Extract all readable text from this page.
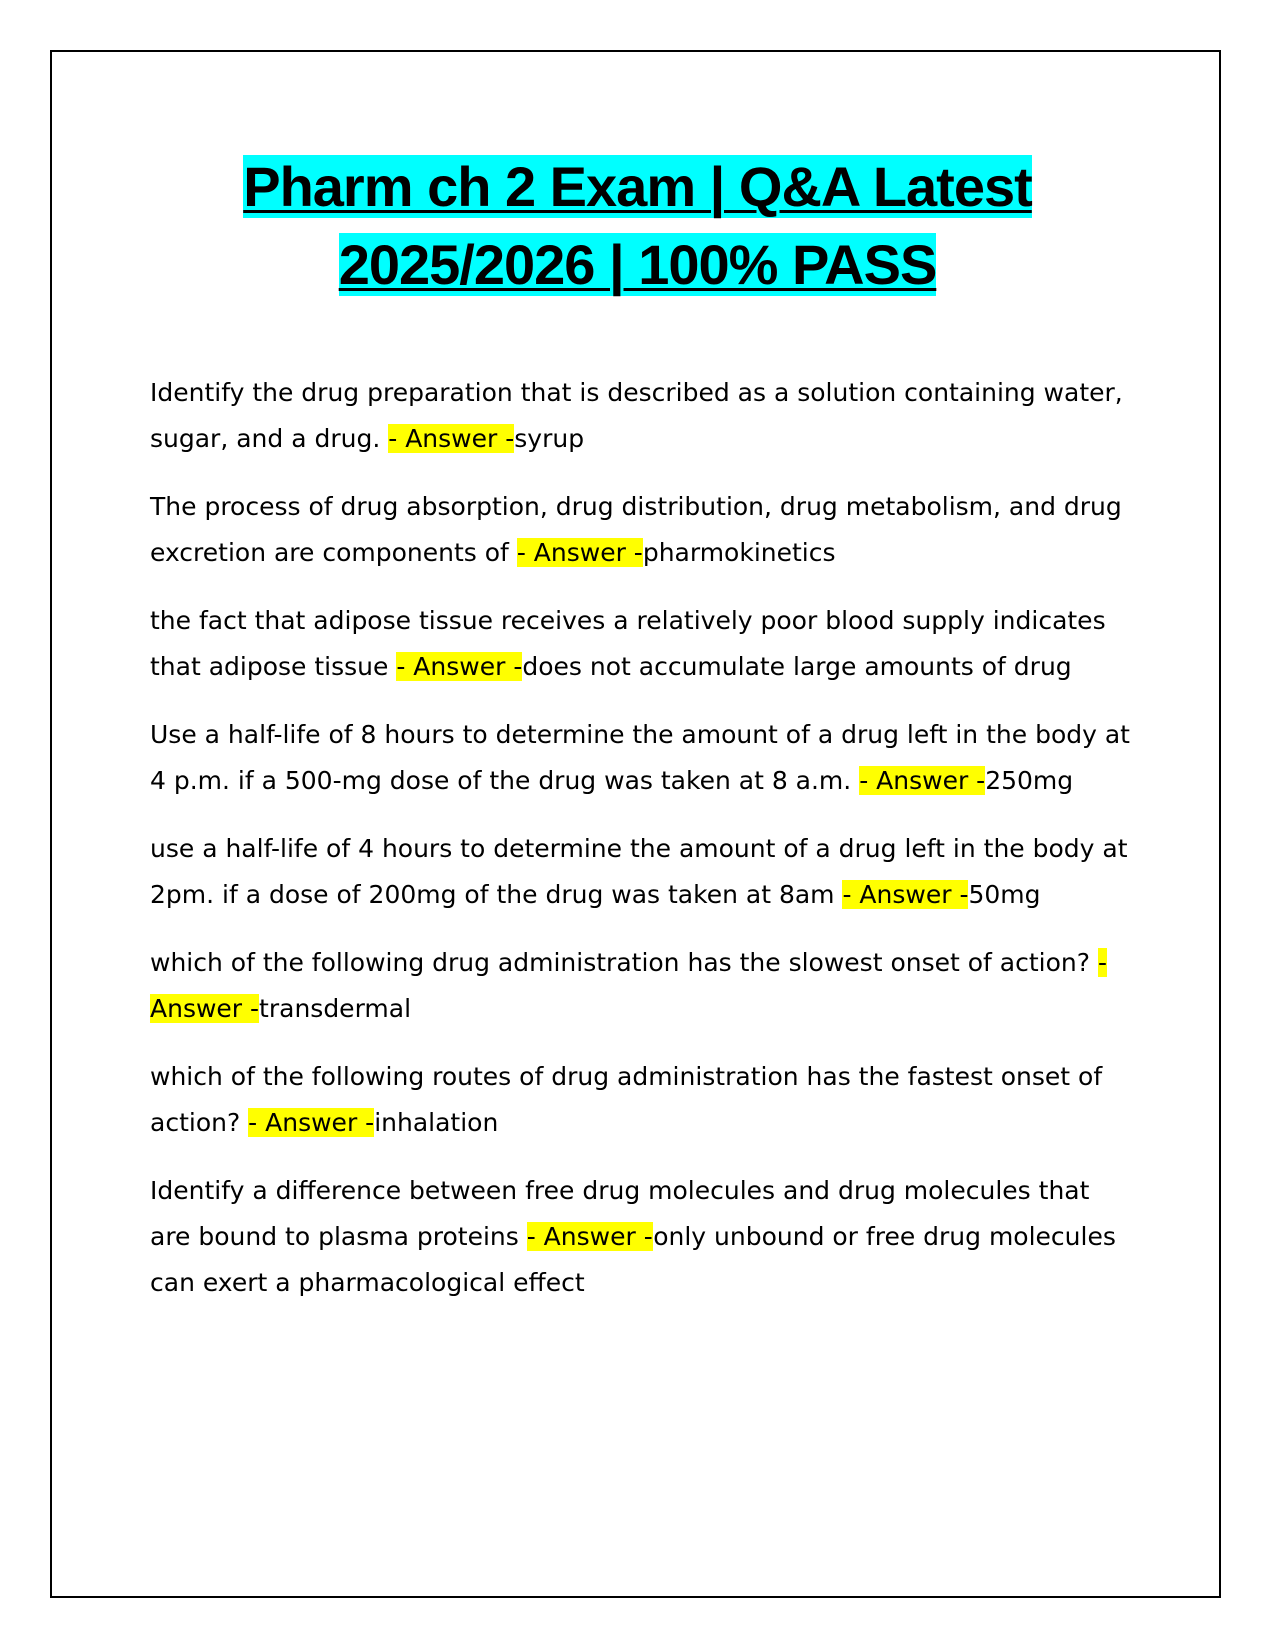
Pharm ch 2 Exam | Q&A Latest
2025/2026 | 100% PASS

Identify the drug preparation that is described as a solution containing water, sugar, and a drug. - Answer -syrup

The process of drug absorption, drug distribution, drug metabolism, and drug excretion are components of - Answer -pharmokinetics

the fact that adipose tissue receives a relatively poor blood supply indicates that adipose tissue - Answer -does not accumulate large amounts of drug

Use a half-life of 8 hours to determine the amount of a drug left in the body at 4 p.m. if a 500-mg dose of the drug was taken at 8 a.m. - Answer -250mg

use a half-life of 4 hours to determine the amount of a drug left in the body at 2pm. if a dose of 200mg of the drug was taken at 8am - Answer -50mg

which of the following drug administration has the slowest onset of action? - Answer -transdermal

which of the following routes of drug administration has the fastest onset of action? - Answer -inhalation

Identify a difference between free drug molecules and drug molecules that are bound to plasma proteins - Answer -only unbound or free drug molecules can exert a pharmacological effect
